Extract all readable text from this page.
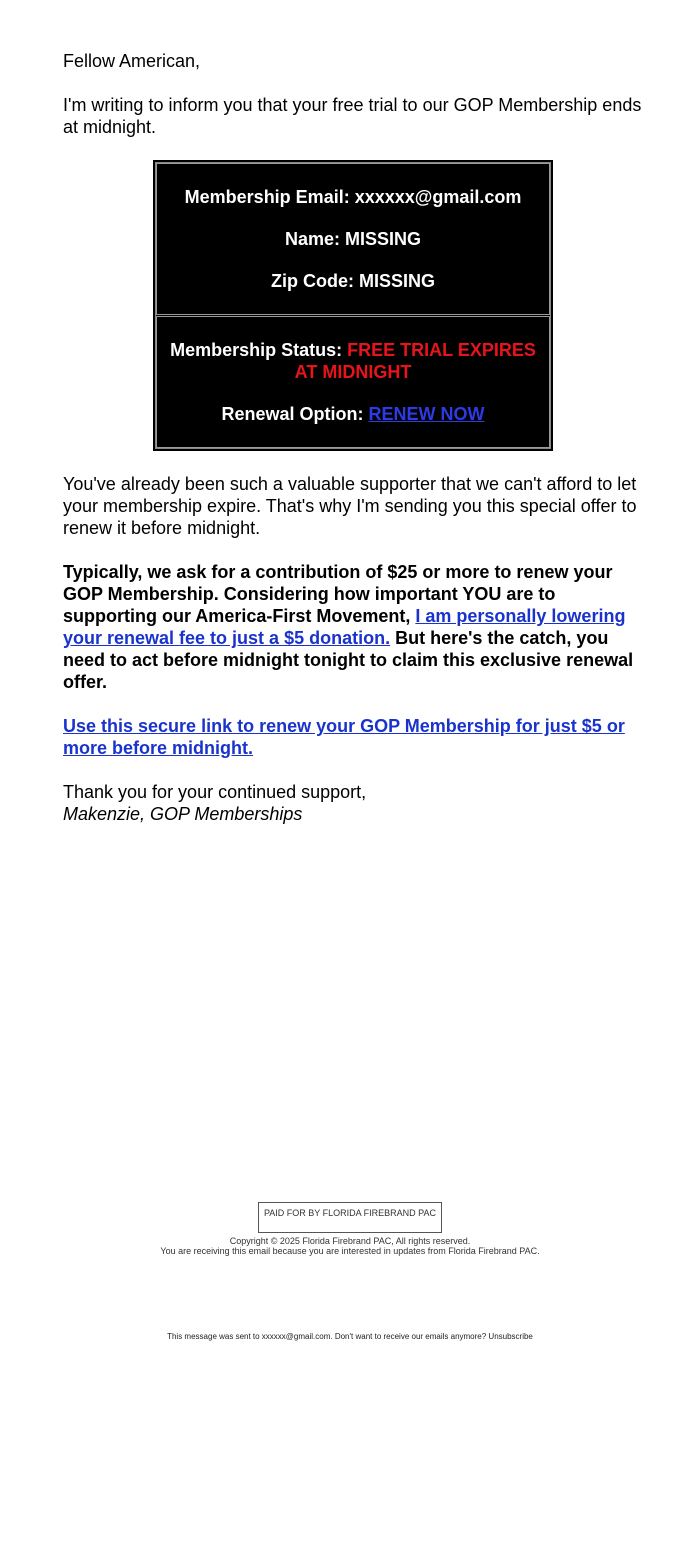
Fellow American,

I'm writing to inform you that your free trial to our GOP Membership ends at midnight.

Membership Email: xxxxxx@gmail.com

Name: MISSING

Zip Code: MISSING

Membership Status: FREE TRIAL EXPIRES AT MIDNIGHT

Renewal Option: RENEW NOW

You've already been such a valuable supporter that we can't afford to let your membership expire. That's why I'm sending you this special offer to renew it before midnight.

Typically, we ask for a contribution of $25 or more to renew your GOP Membership. Considering how important YOU are to supporting our America-First Movement, I am personally lowering your renewal fee to just a $5 donation. But here's the catch, you need to act before midnight tonight to claim this exclusive renewal offer.

Use this secure link to renew your GOP Membership for just $5 or more before midnight.

Thank you for your continued support,
Makenzie, GOP Memberships

PAID FOR BY FLORIDA FIREBRAND PAC

Copyright © 2025 Florida Firebrand PAC, All rights reserved.

You are receiving this email because you are interested in updates from Florida Firebrand PAC.

This message was sent to xxxxxx@gmail.com. Don't want to receive our emails anymore? Unsubscribe
